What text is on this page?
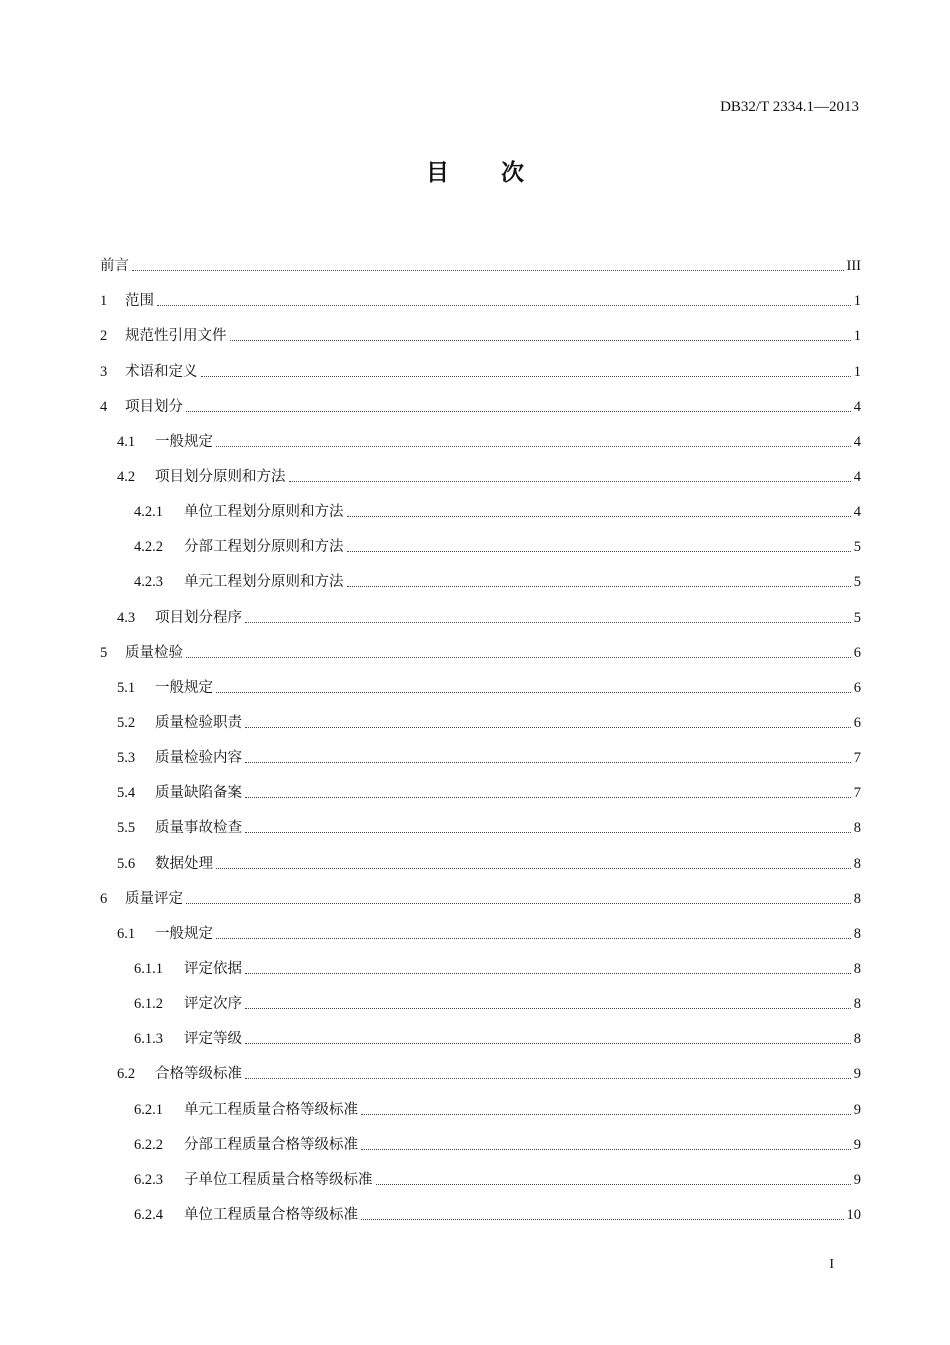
DB32/T 2334.1—2013
目 次
前言	III
1	范围	1
2	规范性引用文件	1
3	术语和定义	1
4	项目划分	4
4.1	一般规定	4
4.2	项目划分原则和方法	4
4.2.1	单位工程划分原则和方法	4
4.2.2	分部工程划分原则和方法	5
4.2.3	单元工程划分原则和方法	5
4.3	项目划分程序	5
5	质量检验	6
5.1	一般规定	6
5.2	质量检验职责	6
5.3	质量检验内容	7
5.4	质量缺陷备案	7
5.5	质量事故检查	8
5.6	数据处理	8
6	质量评定	8
6.1	一般规定	8
6.1.1	评定依据	8
6.1.2	评定次序	8
6.1.3	评定等级	8
6.2	合格等级标准	9
6.2.1	单元工程质量合格等级标准	9
6.2.2	分部工程质量合格等级标准	9
6.2.3	子单位工程质量合格等级标准	9
6.2.4	单位工程质量合格等级标准	10
I
